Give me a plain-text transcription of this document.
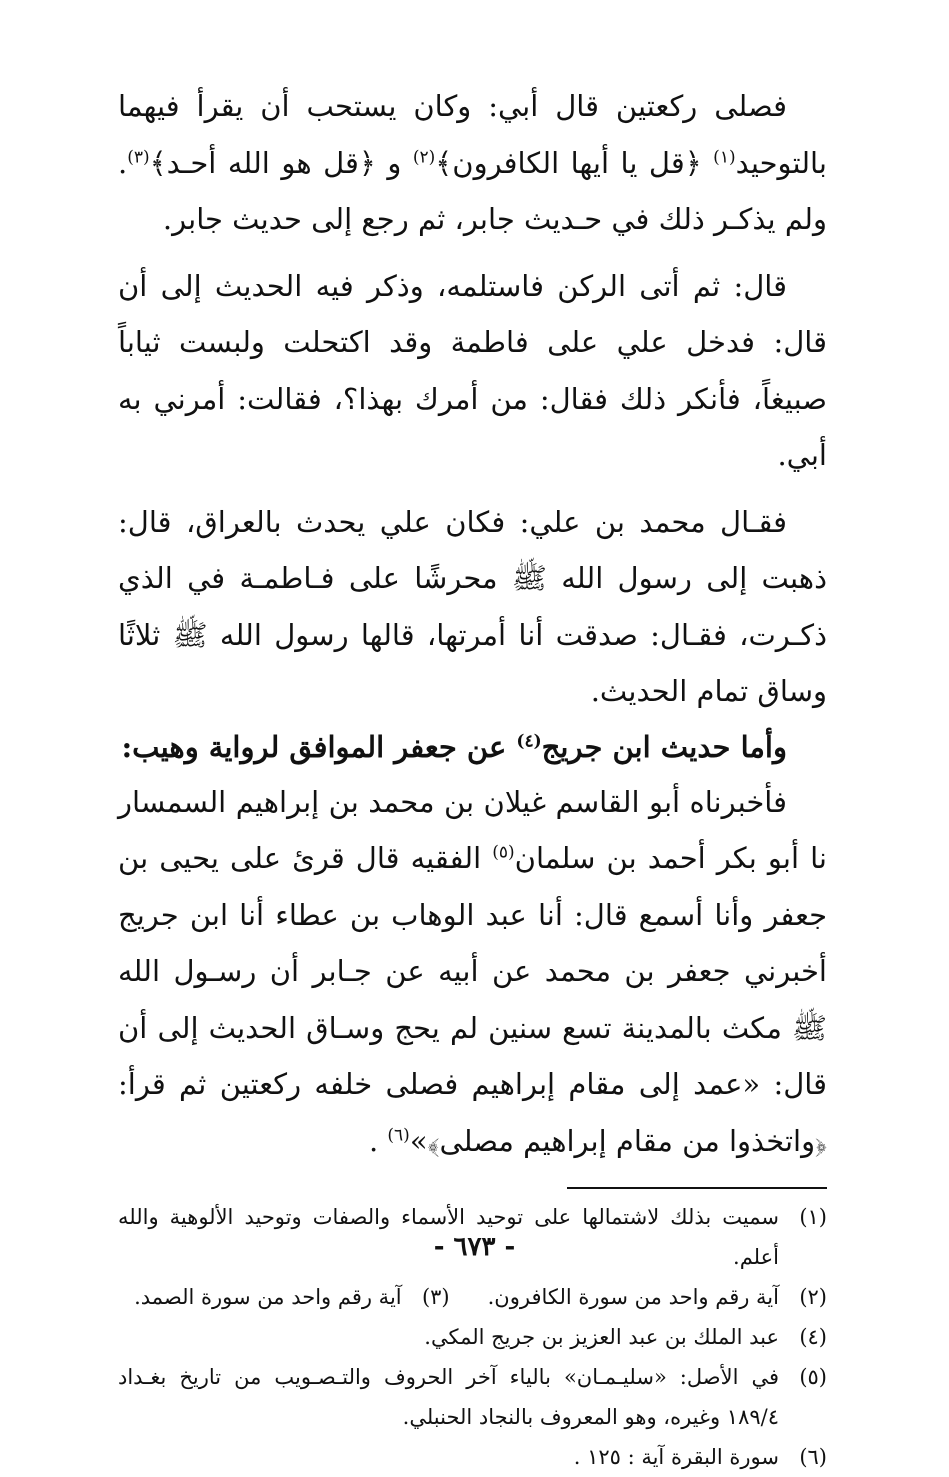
فصلى ركعتين قال أبي: وكان يستحب أن يقرأ فيهما بالتوحيد$^{(١)}$ ﴿قل يا أيها الكافرون﴾$^{(٢)}$ و ﴿قل هو الله أحـد﴾$^{(٣)}$. ولم يذكـر ذلك في حـديث جابر، ثم رجع إلى حديث جابر.

قال: ثم أتى الركن فاستلمه، وذكر فيه الحديث إلى أن قال: فدخل علي على فاطمة وقد اكتحلت ولبست ثياباً صبيغاً، فأنكر ذلك فقال: من أمرك بهذا؟، فقالت: أمرني به أبي.

فقـال محمد بن علي: فكان علي يحدث بالعراق، قال: ذهبت إلى رسول الله ﷺ محرشًا على فـاطمـة في الذي ذكـرت، فقـال: صدقت أنا أمرتها، قالها رسول الله ﷺ ثلاثًا وساق تمام الحديث.

وأما حديث ابن جريج$^{(٤)}$ عن جعفر الموافق لرواية وهيب:

فأخبرناه أبو القاسم غيلان بن محمد بن إبراهيم السمسار نا أبو بكر أحمد بن سلمان$^{(٥)}$ الفقيه قال قرئ على يحيى بن جعفر وأنا أسمع قال: أنا عبد الوهاب بن عطاء أنا ابن جريج أخبرني جعفر بن محمد عن أبيه عن جـابر أن رسـول الله ﷺ مكث بالمدينة تسع سنين لم يحج وسـاق الحديث إلى أن قال: «عمد إلى مقام إبراهيم فصلى خلفه ركعتين ثم قرأ: ﴿واتخذوا من مقام إبراهيم مصلى﴾»$^{(٦)}$ .

(١)
سميت بذلك لاشتمالها على توحيد الأسماء والصفات وتوحيد الألوهية والله أعلم.
(٢)
آية رقم واحد من سورة الكافرون.
(٣)
آية رقم واحد من سورة الصمد.
(٤)
عبد الملك بن عبد العزيز بن جريج المكي.
(٥)
في الأصل: «سليـمـان» بالياء آخر الحروف والتـصـويب من تاريخ بغـداد ١٨٩/٤ وغيره، وهو المعروف بالنجاد الحنبلي.
(٦)
سورة البقرة آية : ١٢٥ .
- ٦٧٣ -
